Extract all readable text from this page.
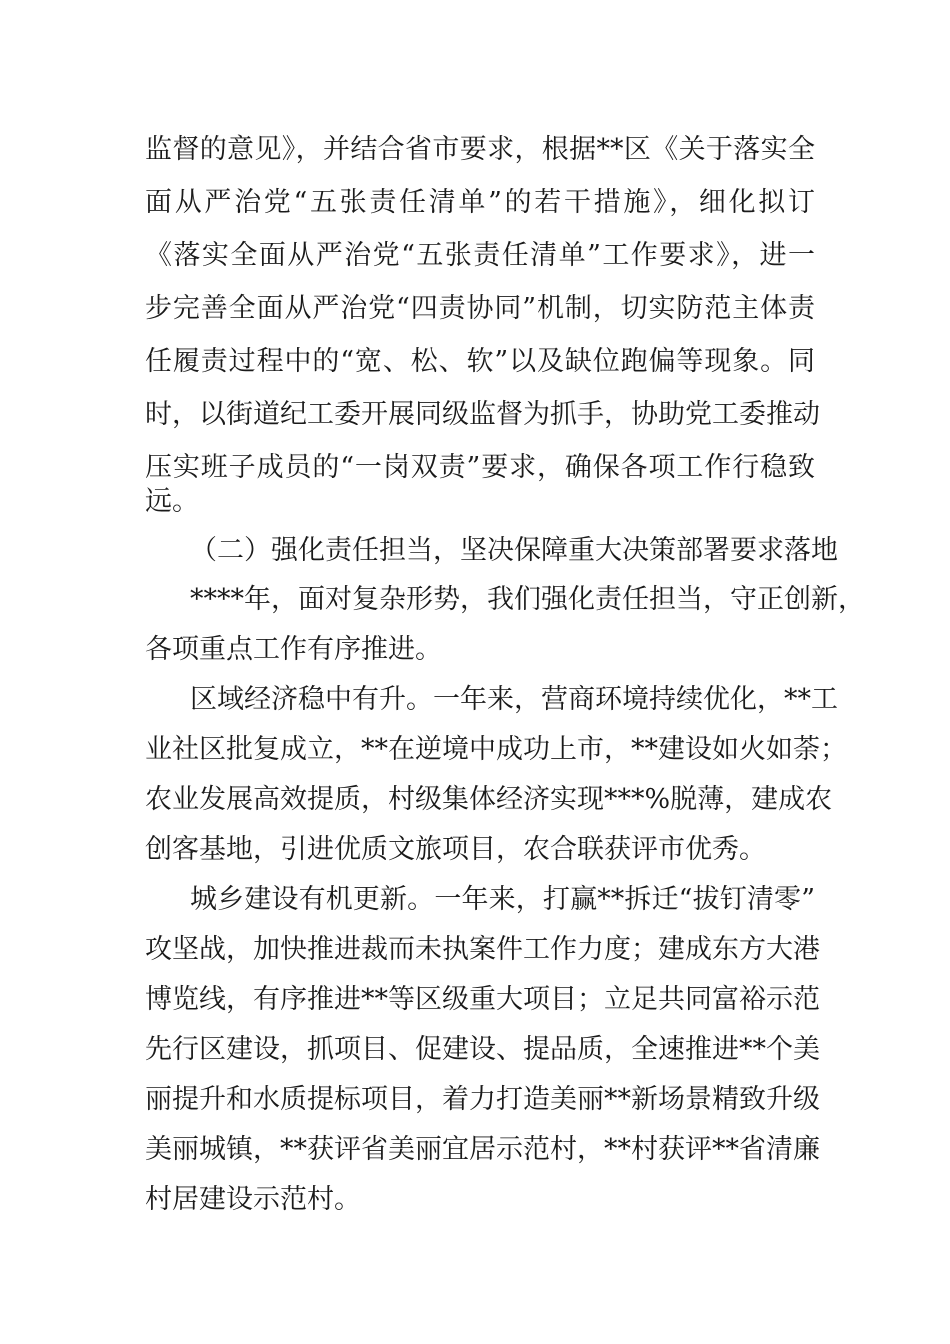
监督的意见》，并结合省市要求，根据**区《关于落实全

面从严治党“五张责任清单”的若干措施》，细化拟订

《落实全面从严治党“五张责任清单”工作要求》，进一

步完善全面从严治党“四责协同”机制，切实防范主体责

任履责过程中的“宽、松、软”以及缺位跑偏等现象。同

时，以街道纪工委开展同级监督为抓手，协助党工委推动

压实班子成员的“一岗双责”要求，确保各项工作行稳致

远。

（二）强化责任担当，坚决保障重大决策部署要求落地

****年，面对复杂形势，我们强化责任担当，守正创新，

各项重点工作有序推进。

区域经济稳中有升。一年来，营商环境持续优化，**工

业社区批复成立，**在逆境中成功上市，**建设如火如荼；

农业发展高效提质，村级集体经济实现***%脱薄，建成农

创客基地，引进优质文旅项目，农合联获评市优秀。

城乡建设有机更新。一年来，打赢**拆迁“拔钉清零”

攻坚战，加快推进裁而未执案件工作力度；建成东方大港

博览线，有序推进**等区级重大项目；立足共同富裕示范

先行区建设，抓项目、促建设、提品质，全速推进**个美

丽提升和水质提标项目，着力打造美丽**新场景精致升级

美丽城镇，**获评省美丽宜居示范村，**村获评**省清廉

村居建设示范村。
